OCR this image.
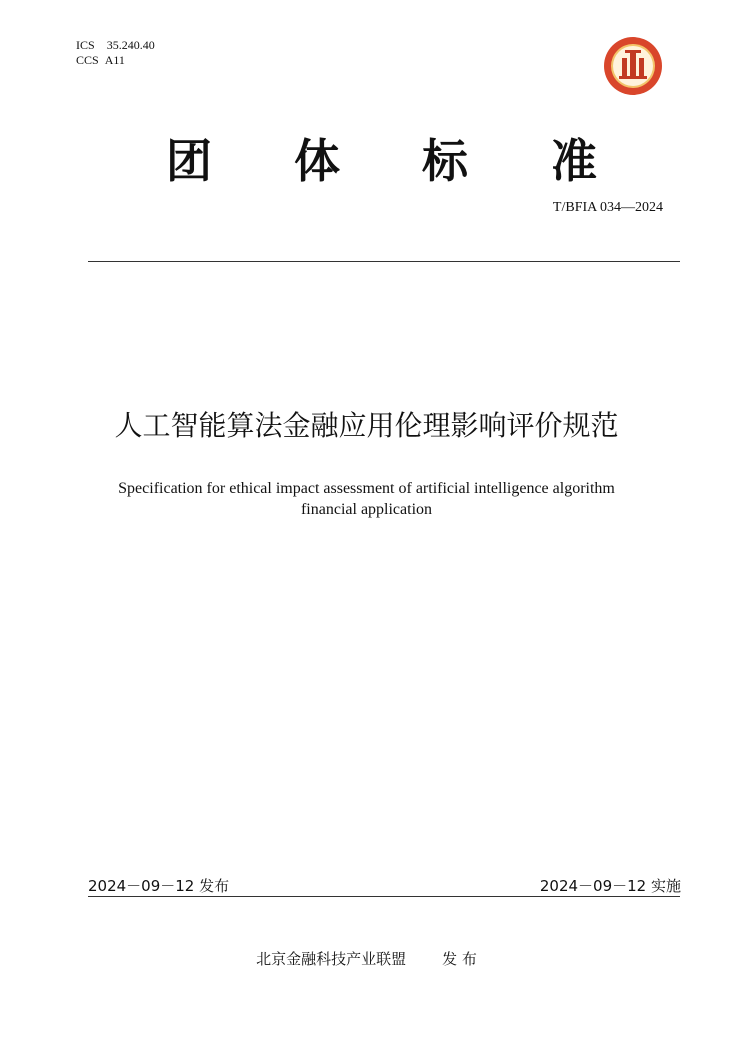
ICS 35.240.40
CCS A11
团 体 标 准
T/BFIA 034—2024
人工智能算法金融应用伦理影响评价规范
Specification for ethical impact assessment of artificial intelligence algorithm
financial application
2024－09－12 发布	2024－09－12 实施
北京金融科技产业联盟 发 布
